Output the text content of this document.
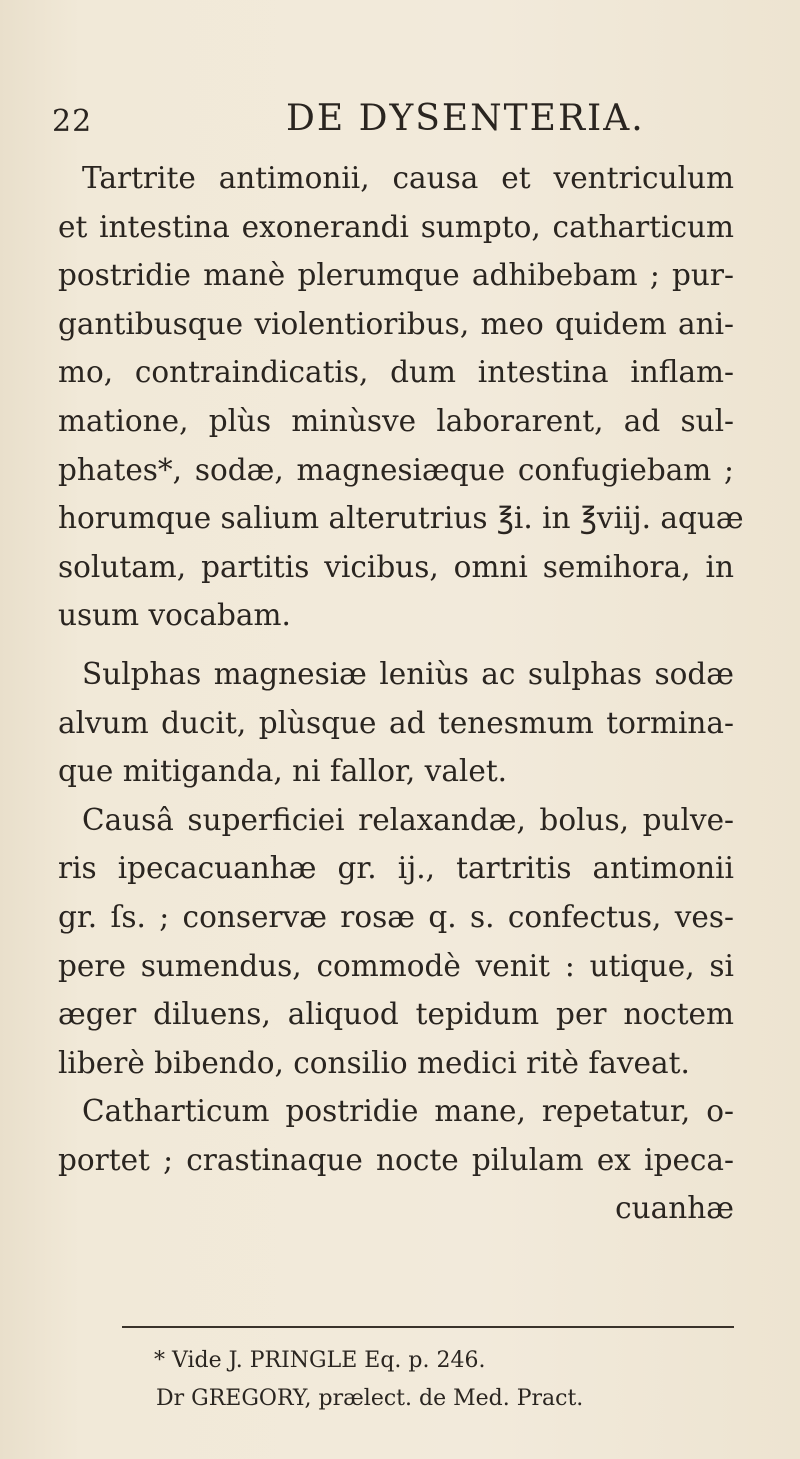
22	DE DYSENTERIA.
Tartrite antimonii, causa et ventriculum
et intestina exonerandi sumpto, catharticum
postridie manè plerumque adhibebam ; pur-
gantibusque violentioribus, meo quidem ani-
mo, contraindicatis, dum intestina inflam-
matione, plùs minùsve laborarent, ad sul-
phates*, sodæ, magnesiæque confugiebam ;
horumque salium alterutrius ℥i. in ℥viij. aquæ
solutam, partitis vicibus, omni semihora, in
usum vocabam.
Sulphas magnesiæ leniùs ac sulphas sodæ
alvum ducit, plùsque ad tenesmum tormina-
que mitiganda, ni fallor, valet.
Causâ superficiei relaxandæ, bolus, pulve-
ris ipecacuanhæ gr. ij., tartritis antimonii
gr. ſs. ; conservæ rosæ q. s. confectus, ves-
pere sumendus, commodè venit : utique, si
æger diluens, aliquod tepidum per noctem
liberè bibendo, consilio medici ritè faveat.
Catharticum postridie mane, repetatur, o-
portet ; crastinaque nocte pilulam ex ipeca-
cuanhæ
* Vide J. PRINGLE Eq. p. 246.
Dr GREGORY, prælect. de Med. Pract.
